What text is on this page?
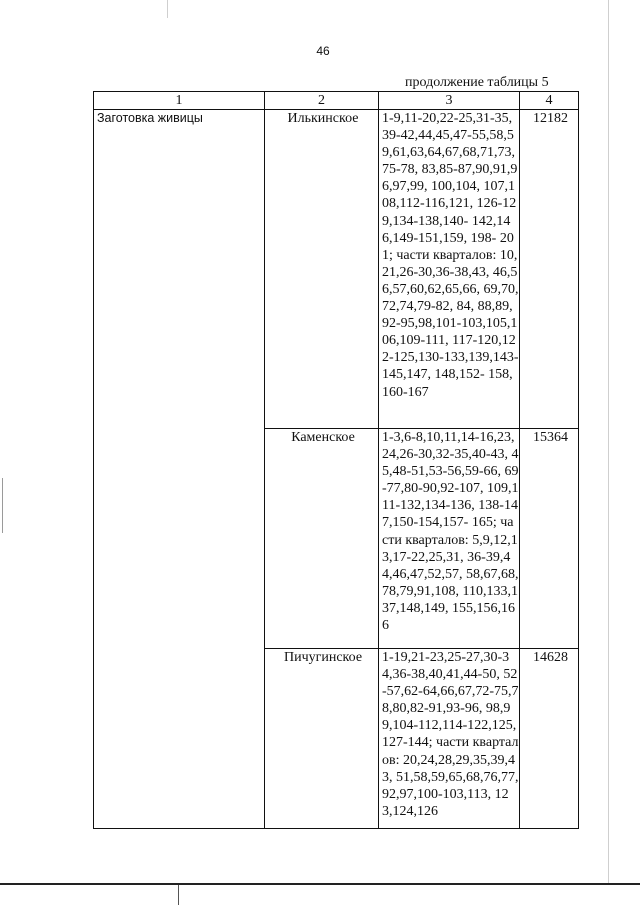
46
продолжение таблицы 5
1	2	3	4
Заготовка живицы	Илькинское	1-9,11-20,22-25,31-35,39-42,44,45,47-55,58,59,61,63,64,67,68,71,73,75-78, 83,85-87,90,91,96,97,99, 100,104, 107,108,112-116,121, 126-129,134-138,140- 142,146,149-151,159, 198- 201; части кварталов: 10,21,26-30,36-38,43, 46,56,57,60,62,65,66, 69,70,72,74,79-82, 84, 88,89,92-95,98,101-103,105,106,109-111, 117-120,122-125,130-133,139,143-145,147, 148,152- 158,160-167	12182
	Каменское	1-3,6-8,10,11,14-16,23, 24,26-30,32-35,40-43, 45,48-51,53-56,59-66, 69-77,80-90,92-107, 109,111-132,134-136, 138-147,150-154,157- 165; части кварталов: 5,9,12,13,17-22,25,31, 36-39,44,46,47,52,57, 58,67,68,78,79,91,108, 110,133,137,148,149, 155,156,166	15364
	Пичугинское	1-19,21-23,25-27,30-34,36-38,40,41,44-50, 52-57,62-64,66,67,72-75,78,80,82-91,93-96, 98,99,104-112,114-122,125,127-144; части кварталов: 20,24,28,29,35,39,43, 51,58,59,65,68,76,77, 92,97,100-103,113, 123,124,126	14628
